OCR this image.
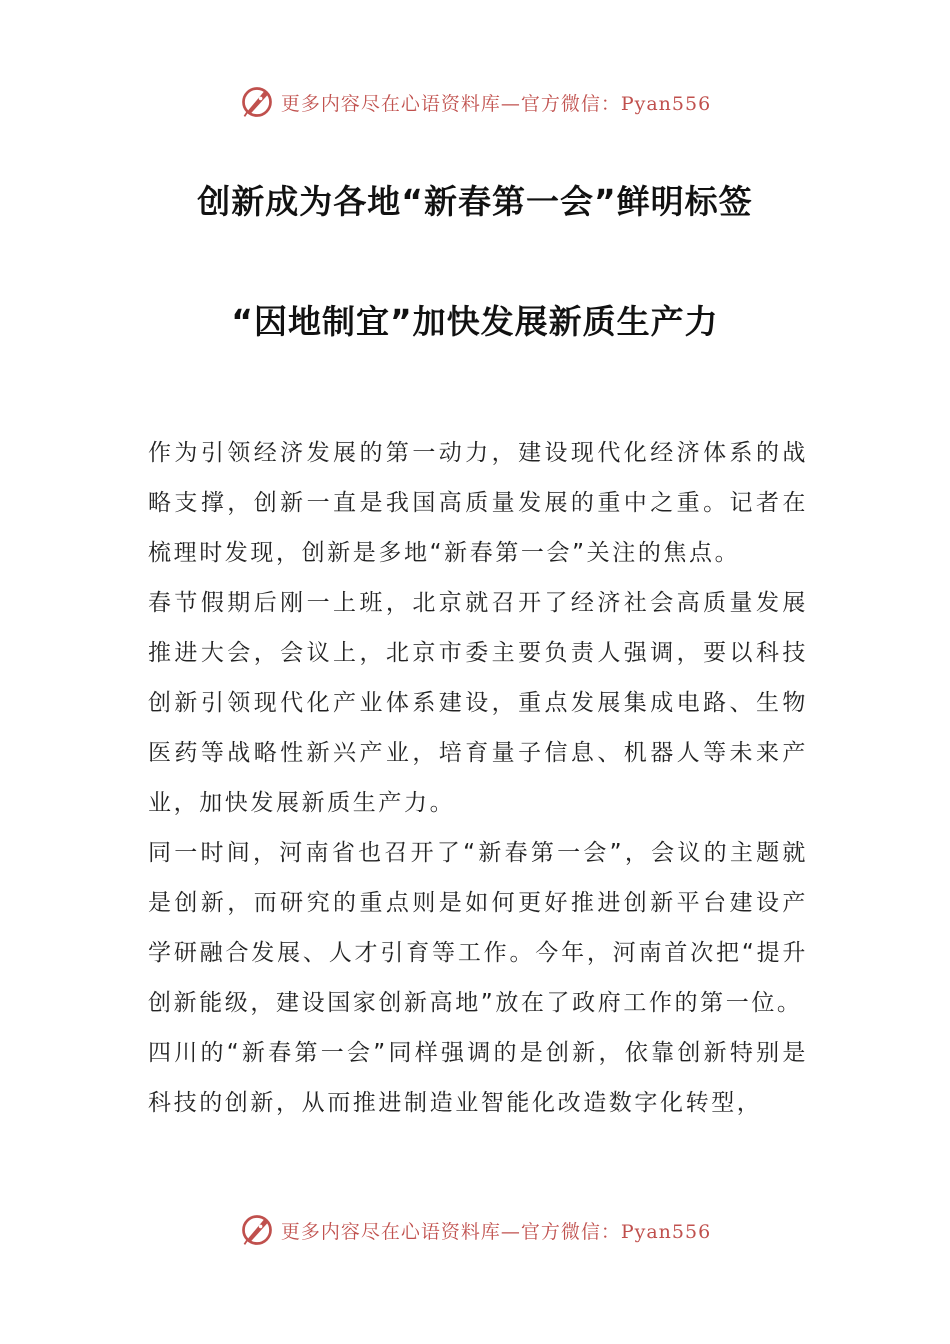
更多内容尽在心语资料库—官方微信：Pyan556
创新成为各地“新春第一会”鲜明标签
“因地制宜”加快发展新质生产力

作为引领经济发展的第一动力，建设现代化经济体系的战略支撑，创新一直是我国高质量发展的重中之重。记者在梳理时发现，创新是多地“新春第一会”关注的焦点。

春节假期后刚一上班，北京就召开了经济社会高质量发展推进大会，会议上，北京市委主要负责人强调，要以科技创新引领现代化产业体系建设，重点发展集成电路、生物医药等战略性新兴产业，培育量子信息、机器人等未来产业，加快发展新质生产力。

同一时间，河南省也召开了“新春第一会”，会议的主题就是创新，而研究的重点则是如何更好推进创新平台建设产学研融合发展、人才引育等工作。今年，河南首次把“提升创新能级，建设国家创新高地”放在了政府工作的第一位。

四川的“新春第一会”同样强调的是创新，依靠创新特别是科技的创新，从而推进制造业智能化改造数字化转型，

更多内容尽在心语资料库—官方微信：Pyan556
